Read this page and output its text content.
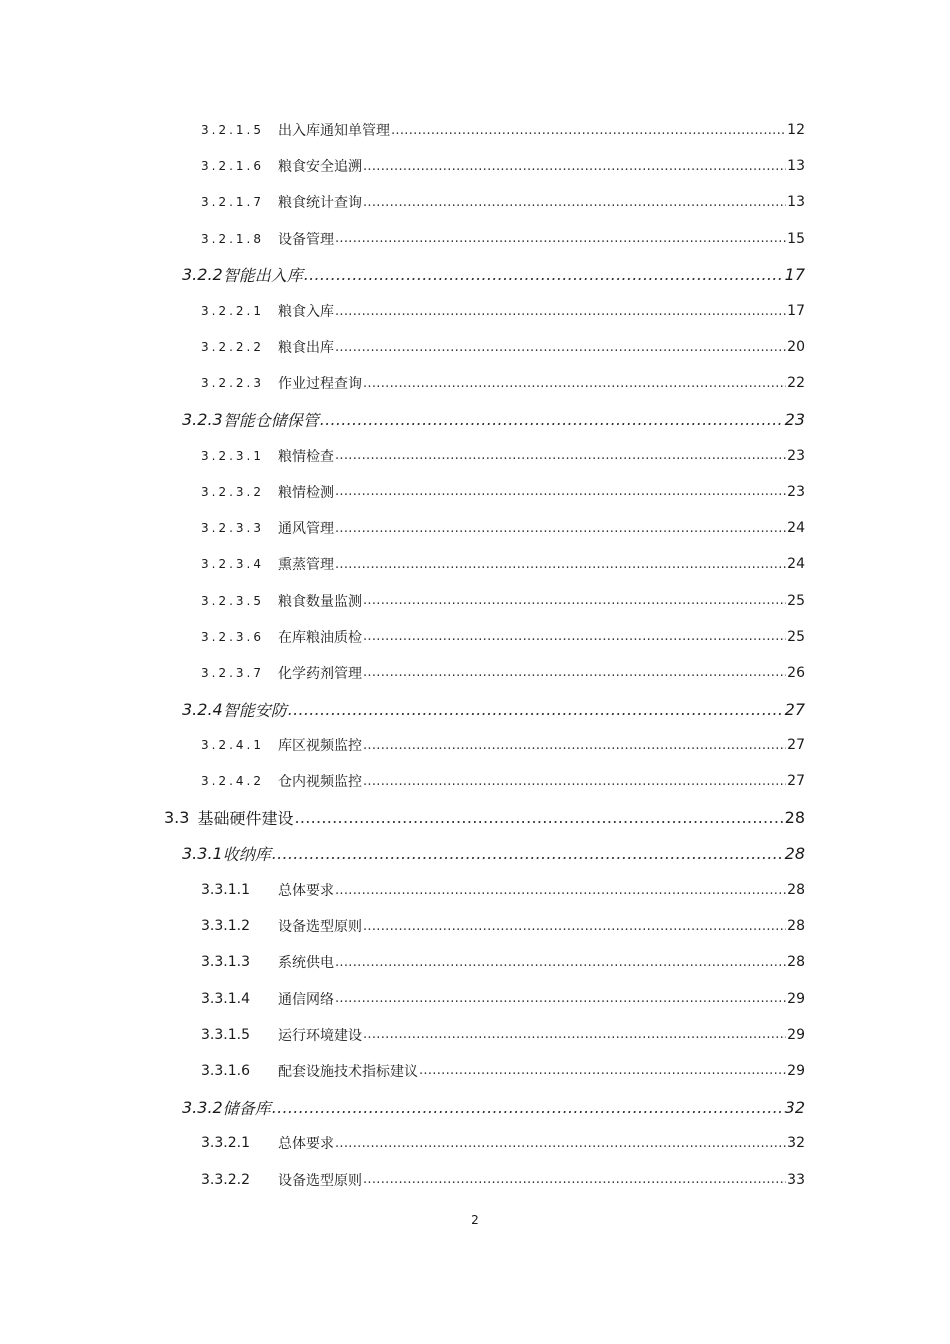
3.2.1.5	出入库通知单管理 .....	12
3.2.1.6	粮食安全追溯 .....	13
3.2.1.7	粮食统计查询 .....	13
3.2.1.8	设备管理 .....	15
3.2.2 智能出入库 .....	17
3.2.2.1	粮食入库 .....	17
3.2.2.2	粮食出库 .....	20
3.2.2.3	作业过程查询 .....	22
3.2.3 智能仓储保管 .....	23
3.2.3.1	粮情检查 .....	23
3.2.3.2	粮情检测 .....	23
3.2.3.3	通风管理 .....	24
3.2.3.4	熏蒸管理 .....	24
3.2.3.5	粮食数量监测 .....	25
3.2.3.6	在库粮油质检 .....	25
3.2.3.7	化学药剂管理 .....	26
3.2.4 智能安防 .....	27
3.2.4.1	库区视频监控 .....	27
3.2.4.2	仓内视频监控 .....	27
3.3 基础硬件建设 .....	28
3.3.1 收纳库 .....	28
3.3.1.1	总体要求 .....	28
3.3.1.2	设备选型原则 .....	28
3.3.1.3	系统供电 .....	28
3.3.1.4	通信网络 .....	29
3.3.1.5	运行环境建设 .....	29
3.3.1.6	配套设施技术指标建议 .....	29
3.3.2 储备库 .....	32
3.3.2.1	总体要求 .....	32
3.3.2.2	设备选型原则 .....	33
2
